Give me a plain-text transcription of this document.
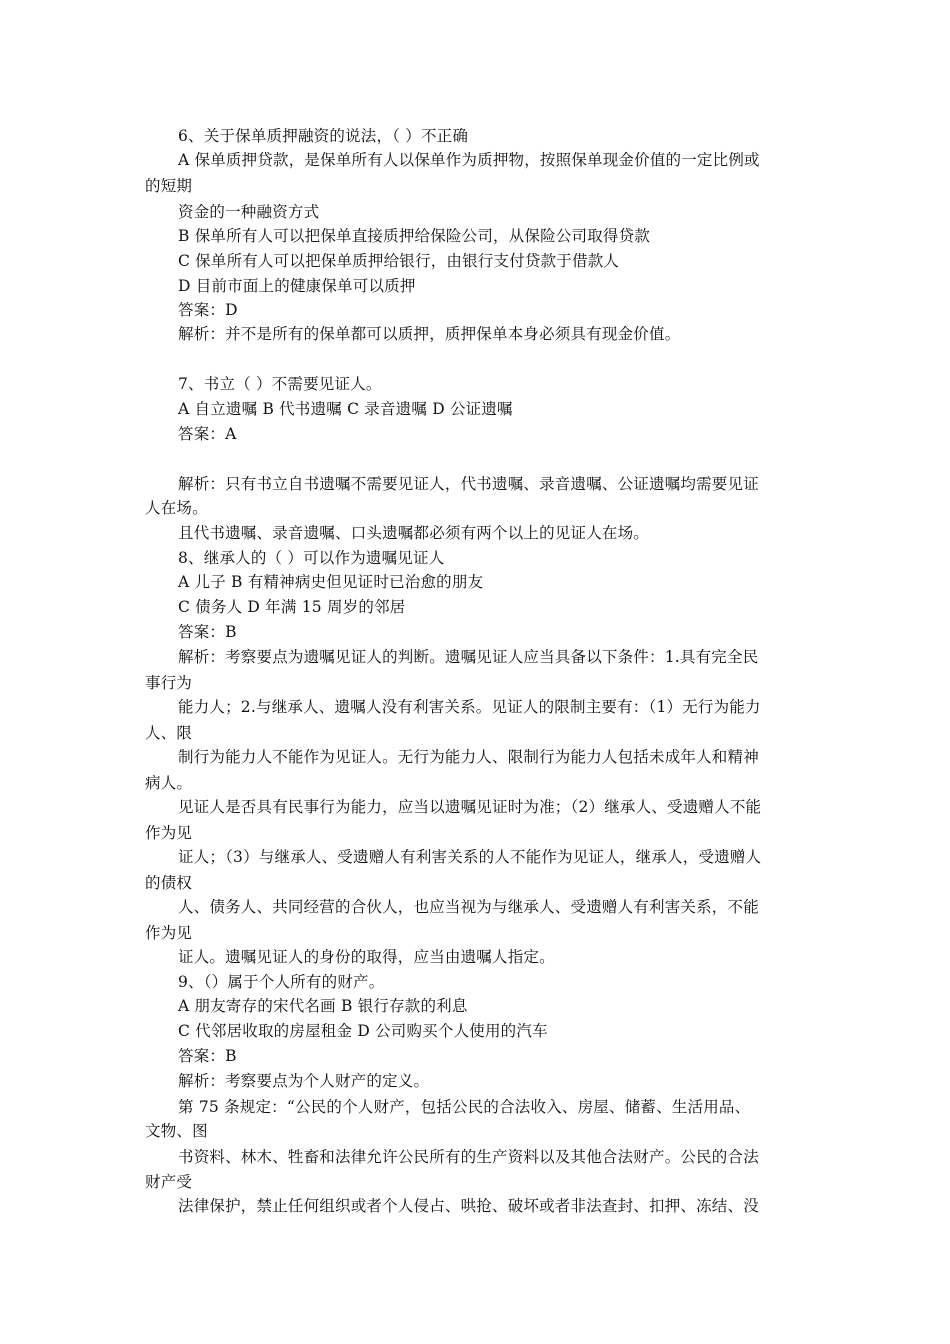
6、关于保单质押融资的说法，（ ）不正确
A 保单质押贷款，是保单所有人以保单作为质押物，按照保单现金价值的一定比例或
的短期
资金的一种融资方式
B 保单所有人可以把保单直接质押给保险公司，从保险公司取得贷款
C 保单所有人可以把保单质押给银行，由银行支付贷款于借款人
D 目前市面上的健康保单可以质押
答案：D
解析：并不是所有的保单都可以质押，质押保单本身必须具有现金价值。
7、书立（ ）不需要见证人。
A 自立遗嘱 B 代书遗嘱 C 录音遗嘱 D 公证遗嘱
答案：A
解析：只有书立自书遗嘱不需要见证人，代书遗嘱、录音遗嘱、公证遗嘱均需要见证
人在场。
且代书遗嘱、录音遗嘱、口头遗嘱都必须有两个以上的见证人在场。
8、继承人的（ ）可以作为遗嘱见证人
A 儿子 B 有精神病史但见证时已治愈的朋友
C 债务人 D 年满 15 周岁的邻居
答案：B
解析：考察要点为遗嘱见证人的判断。遗嘱见证人应当具备以下条件：1.具有完全民
事行为
能力人；2.与继承人、遗嘱人没有利害关系。见证人的限制主要有：（1）无行为能力
人、限
制行为能力人不能作为见证人。无行为能力人、限制行为能力人包括未成年人和精神
病人。
见证人是否具有民事行为能力，应当以遗嘱见证时为准；（2）继承人、受遗赠人不能
作为见
证人；（3）与继承人、受遗赠人有利害关系的人不能作为见证人，继承人，受遗赠人
的债权
人、债务人、共同经营的合伙人，也应当视为与继承人、受遗赠人有利害关系，不能
作为见
证人。遗嘱见证人的身份的取得，应当由遗嘱人指定。
9、（）属于个人所有的财产。
A 朋友寄存的宋代名画 B 银行存款的利息
C 代邻居收取的房屋租金 D 公司购买个人使用的汽车
答案：B
解析：考察要点为个人财产的定义。
第 75 条规定：“公民的个人财产，包括公民的合法收入、房屋、储蓄、生活用品、
文物、图
书资料、林木、牲畜和法律允许公民所有的生产资料以及其他合法财产。公民的合法
财产受
法律保护，禁止任何组织或者个人侵占、哄抢、破坏或者非法查封、扣押、冻结、没
